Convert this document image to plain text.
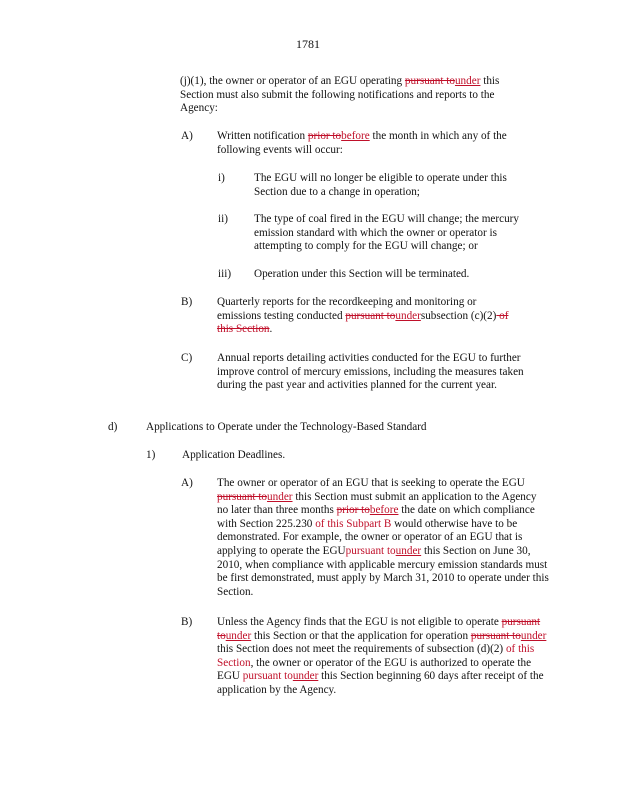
1781
(j)(1), the owner or operator of an EGU operating pursuant tounder this Section must also submit the following notifications and reports to the Agency:
A) Written notification prior tobefore the month in which any of the following events will occur:
i)	The EGU will no longer be eligible to operate under this Section due to a change in operation;
ii) The type of coal fired in the EGU will change; the mercury emission standard with which the owner or operator is attempting to comply for the EGU will change; or
iii) Operation under this Section will be terminated.
B) Quarterly reports for the recordkeeping and monitoring or emissions testing conducted pursuant toundersubsection (c)(2) of this Section.
C) Annual reports detailing activities conducted for the EGU to further improve control of mercury emissions, including the measures taken during the past year and activities planned for the current year.
d)	Applications to Operate under the Technology-Based Standard
1) Application Deadlines.
A) The owner or operator of an EGU that is seeking to operate the EGU pursuant tounder this Section must submit an application to the Agency no later than three months prior tobefore the date on which compliance with Section 225.230 of this Subpart B would otherwise have to be demonstrated. For example, the owner or operator of an EGU that is applying to operate the EGUpursuant tounder this Section on June 30, 2010, when compliance with applicable mercury emission standards must be first demonstrated, must apply by March 31, 2010 to operate under this Section.
B) Unless the Agency finds that the EGU is not eligible to operate pursuant tounder this Section or that the application for operation pursuant tounder this Section does not meet the requirements of subsection (d)(2) of this Section, the owner or operator of the EGU is authorized to operate the EGU pursuant tounder this Section beginning 60 days after receipt of the application by the Agency.
